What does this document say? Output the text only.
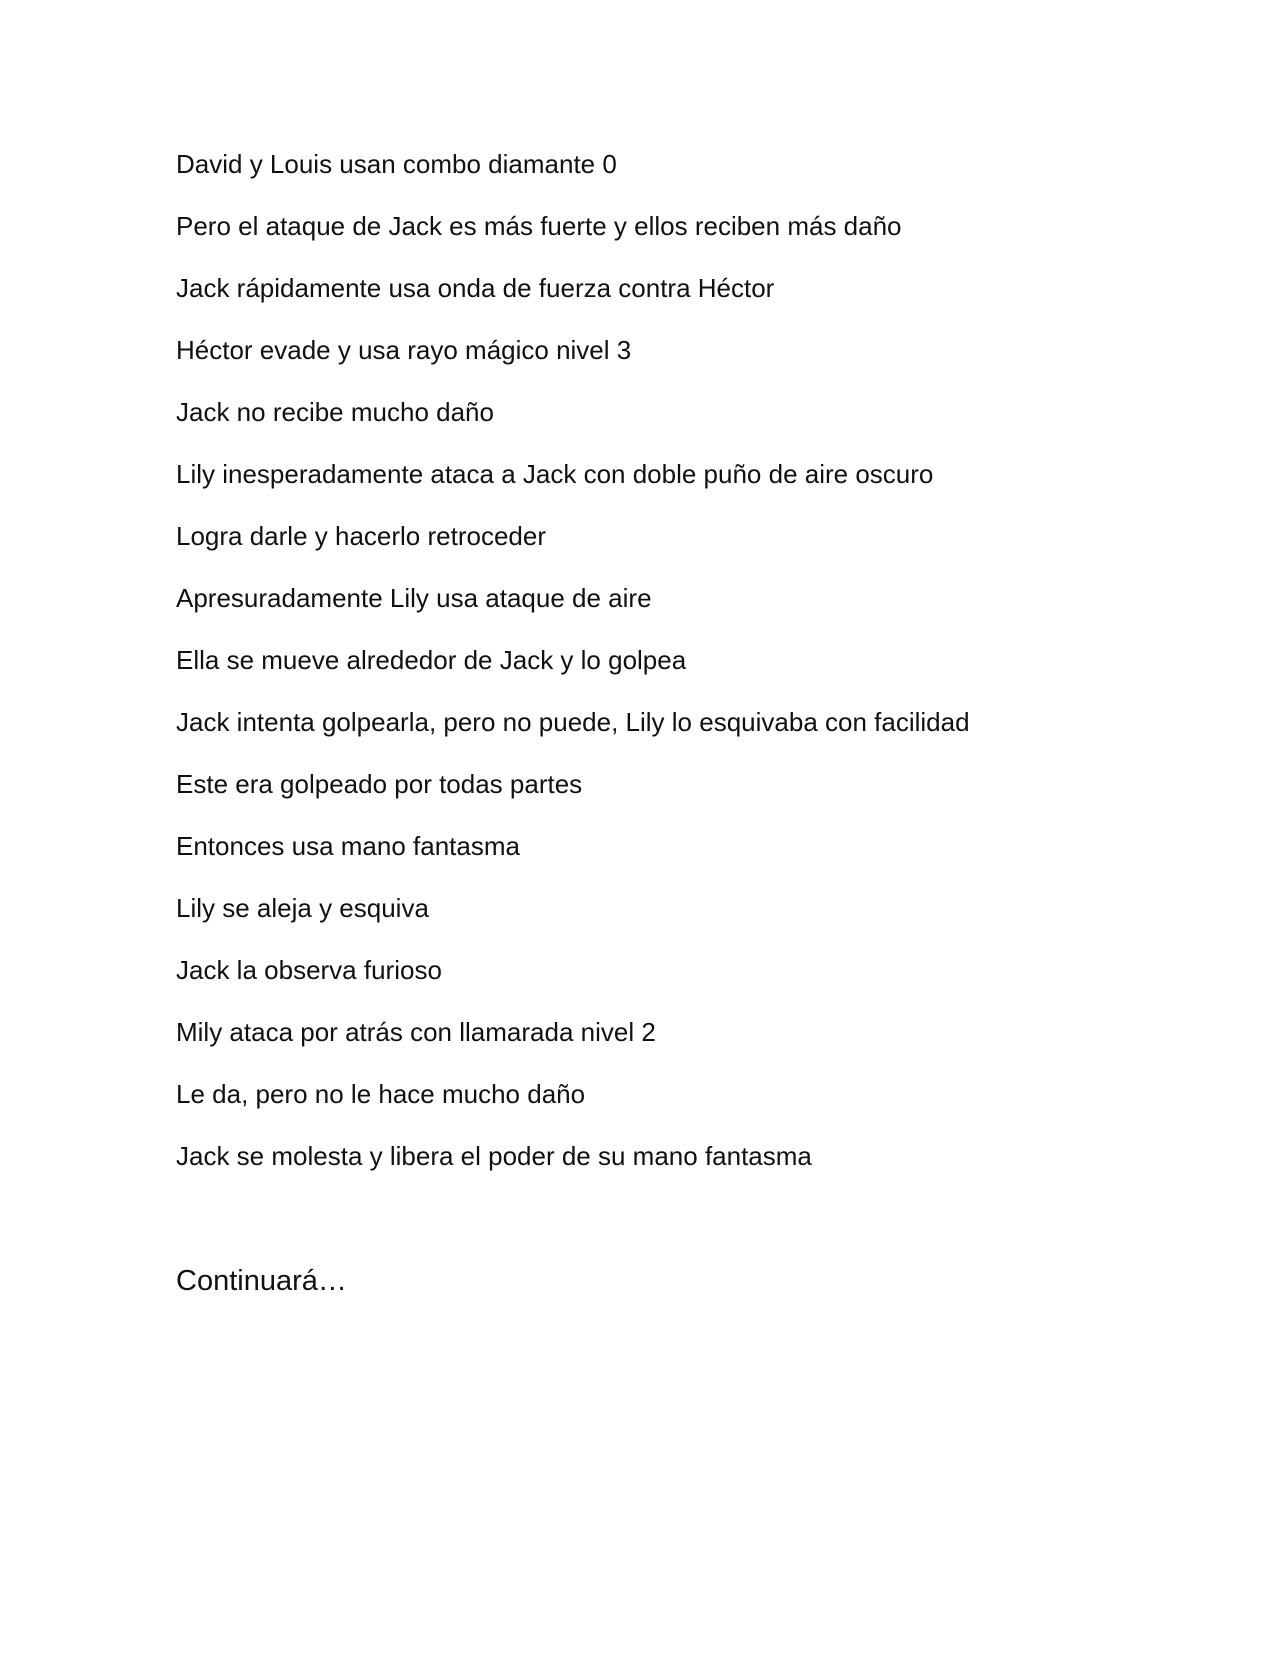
David y Louis usan combo diamante 0

Pero el ataque de Jack es más fuerte y ellos reciben más daño

Jack rápidamente usa onda de fuerza contra Héctor

Héctor evade y usa rayo mágico nivel 3

Jack no recibe mucho daño

Lily inesperadamente ataca a Jack con doble puño de aire oscuro

Logra darle y hacerlo retroceder

Apresuradamente Lily usa ataque de aire

Ella se mueve alrededor de Jack y lo golpea

Jack intenta golpearla, pero no puede, Lily lo esquivaba con facilidad

Este era golpeado por todas partes

Entonces usa mano fantasma

Lily se aleja y esquiva

Jack la observa furioso

Mily ataca por atrás con llamarada nivel 2

Le da, pero no le hace mucho daño

Jack se molesta y libera el poder de su mano fantasma

Continuará…
